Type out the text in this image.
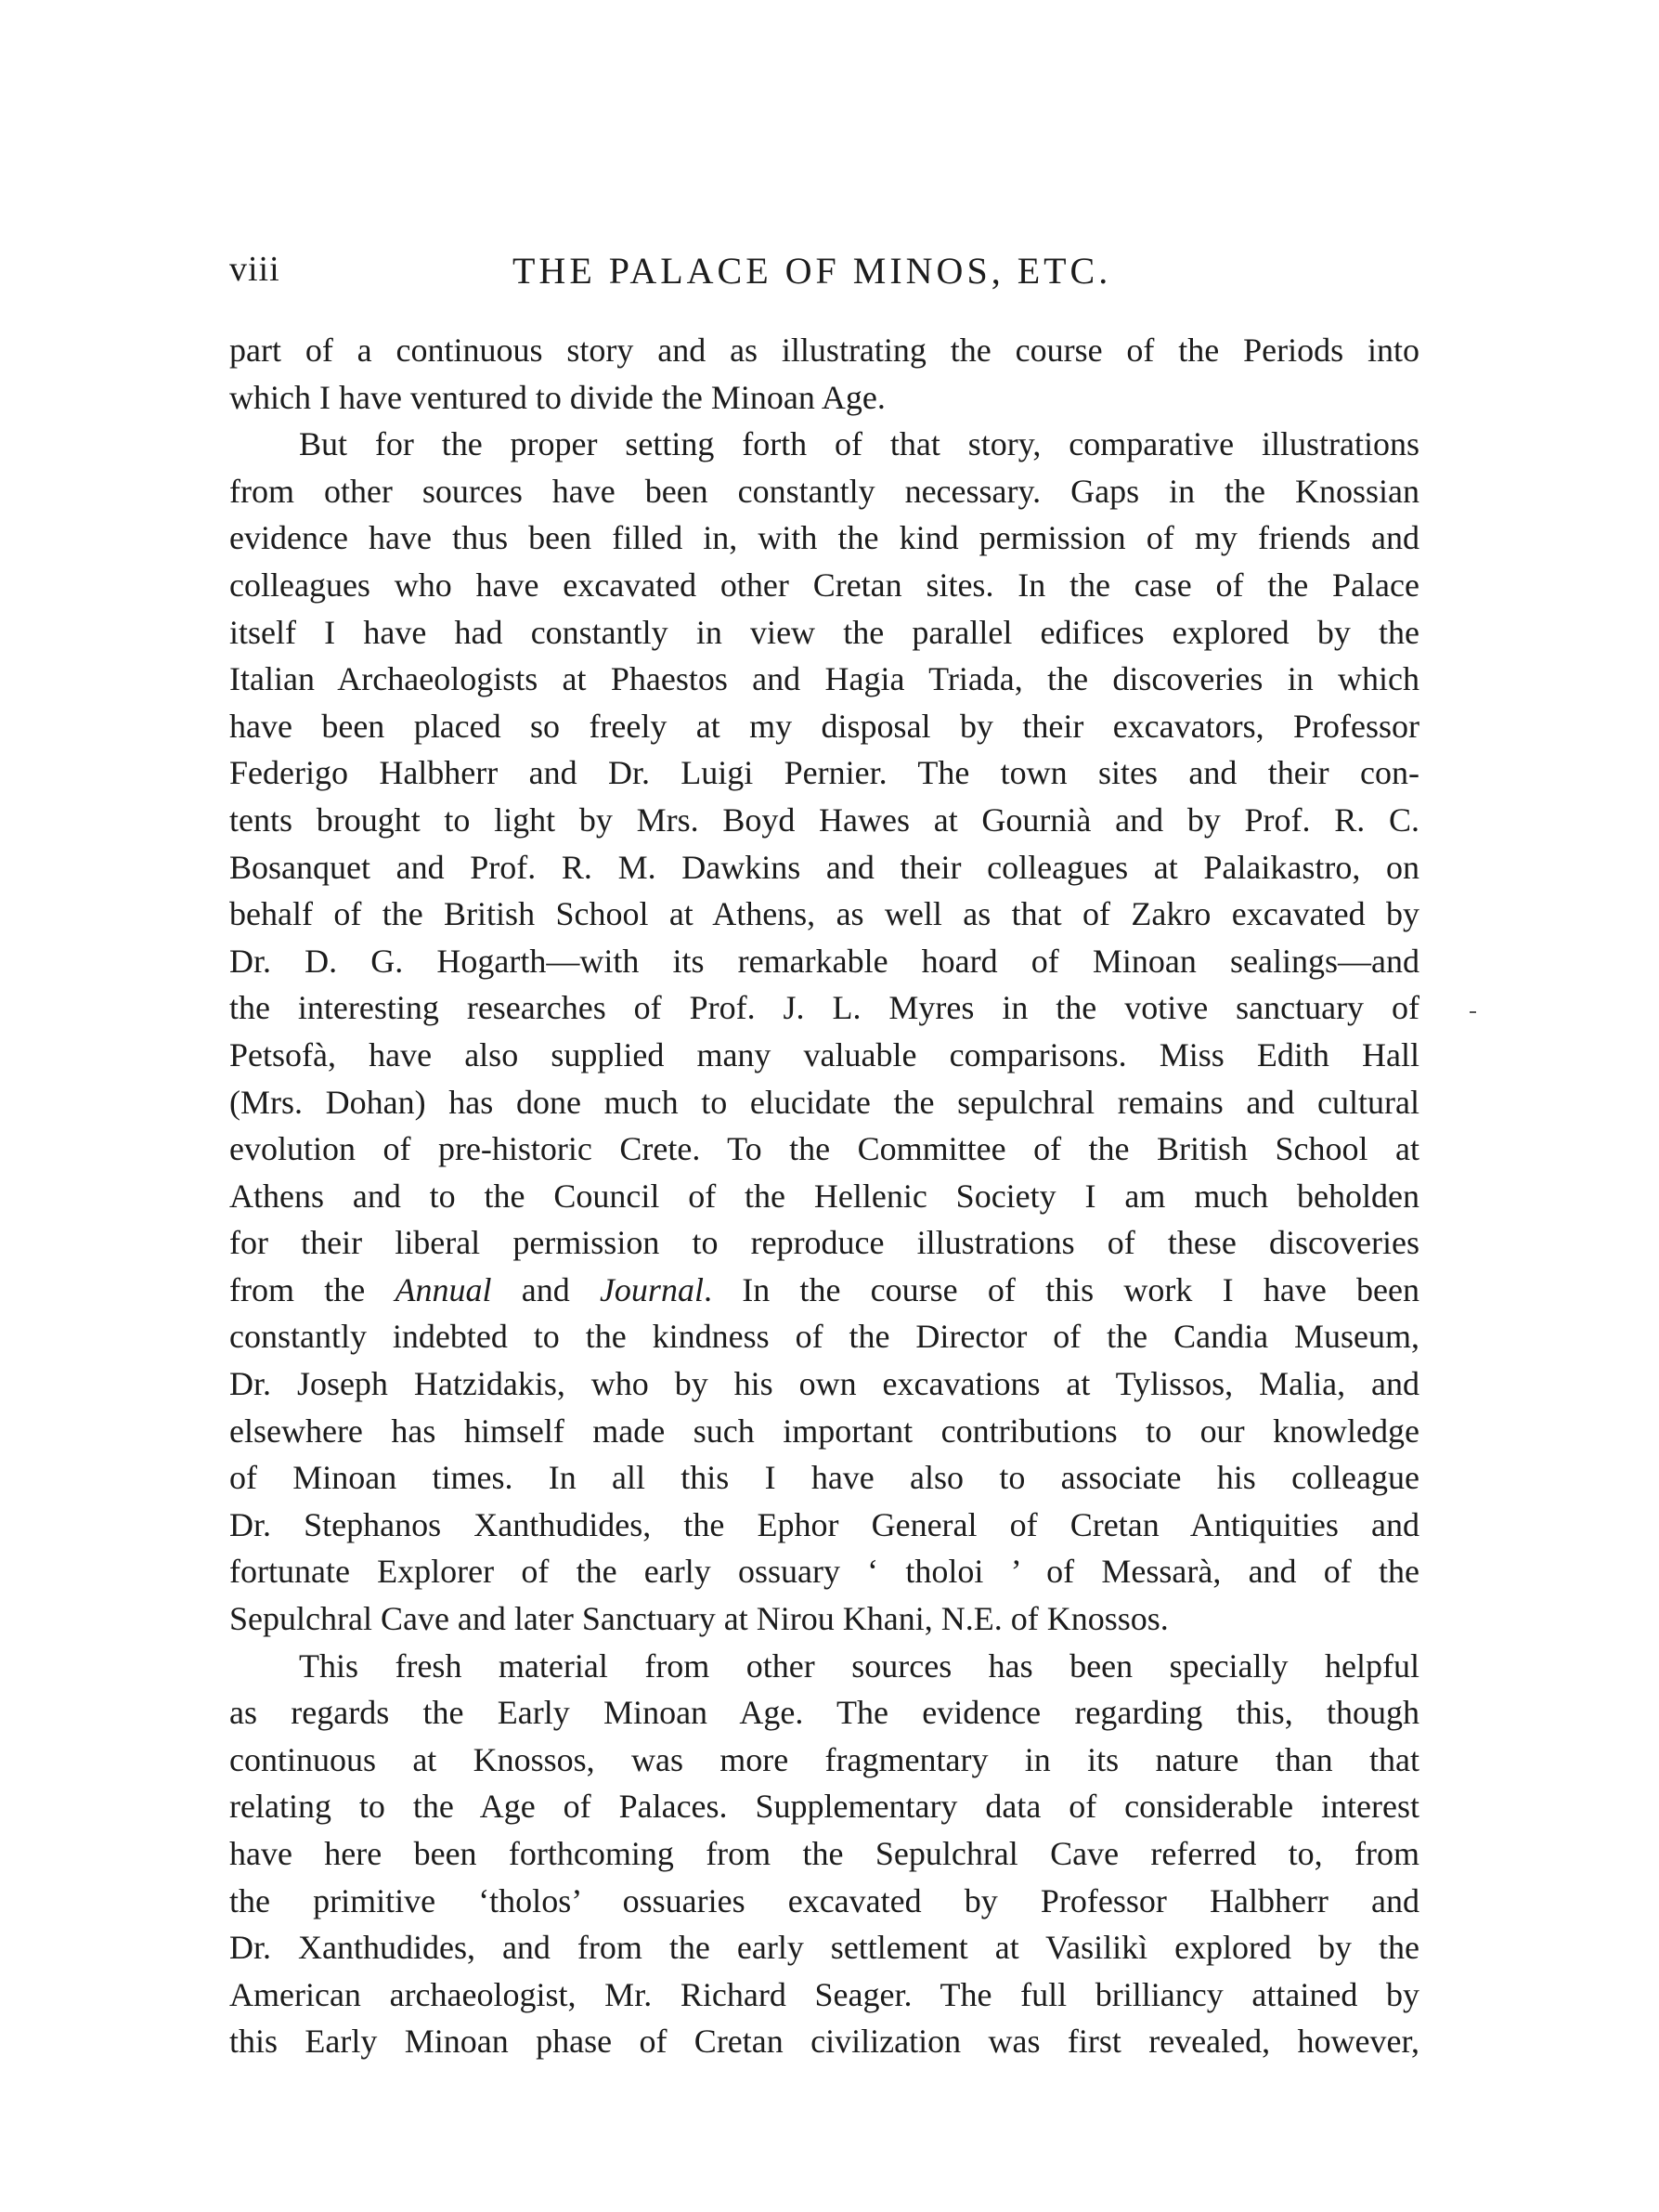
viii	THE PALACE OF MINOS, ETC.

part of a continuous story and as illustrating the course of the Periods into
which I have ventured to divide the Minoan Age.

But for the proper setting forth of that story, comparative illustrations
from other sources have been constantly necessary. Gaps in the Knossian
evidence have thus been filled in, with the kind permission of my friends and
colleagues who have excavated other Cretan sites. In the case of the Palace
itself I have had constantly in view the parallel edifices explored by the
Italian Archaeologists at Phaestos and Hagia Triada, the discoveries in which
have been placed so freely at my disposal by their excavators, Professor
Federigo Halbherr and Dr. Luigi Pernier. The town sites and their con-
tents brought to light by Mrs. Boyd Hawes at Gournià and by Prof. R. C.
Bosanquet and Prof. R. M. Dawkins and their colleagues at Palaikastro, on
behalf of the British School at Athens, as well as that of Zakro excavated by
Dr. D. G. Hogarth—with its remarkable hoard of Minoan sealings—and
the interesting researches of Prof. J. L. Myres in the votive sanctuary of
Petsofà, have also supplied many valuable comparisons. Miss Edith Hall
(Mrs. Dohan) has done much to elucidate the sepulchral remains and cultural
evolution of pre-historic Crete. To the Committee of the British School at
Athens and to the Council of the Hellenic Society I am much beholden
for their liberal permission to reproduce illustrations of these discoveries
from the Annual and Journal. In the course of this work I have been
constantly indebted to the kindness of the Director of the Candia Museum,
Dr. Joseph Hatzidakis, who by his own excavations at Tylissos, Malia, and
elsewhere has himself made such important contributions to our knowledge
of Minoan times. In all this I have also to associate his colleague
Dr. Stephanos Xanthudides, the Ephor General of Cretan Antiquities and
fortunate Explorer of the early ossuary ‘ tholoi ’ of Messarà, and of the
Sepulchral Cave and later Sanctuary at Nirou Khani, N.E. of Knossos.

This fresh material from other sources has been specially helpful
as regards the Early Minoan Age. The evidence regarding this, though
continuous at Knossos, was more fragmentary in its nature than that
relating to the Age of Palaces. Supplementary data of considerable interest
have here been forthcoming from the Sepulchral Cave referred to, from
the primitive ‘tholos’ ossuaries excavated by Professor Halbherr and
Dr. Xanthudides, and from the early settlement at Vasilikì explored by the
American archaeologist, Mr. Richard Seager. The full brilliancy attained by
this Early Minoan phase of Cretan civilization was first revealed, however,
